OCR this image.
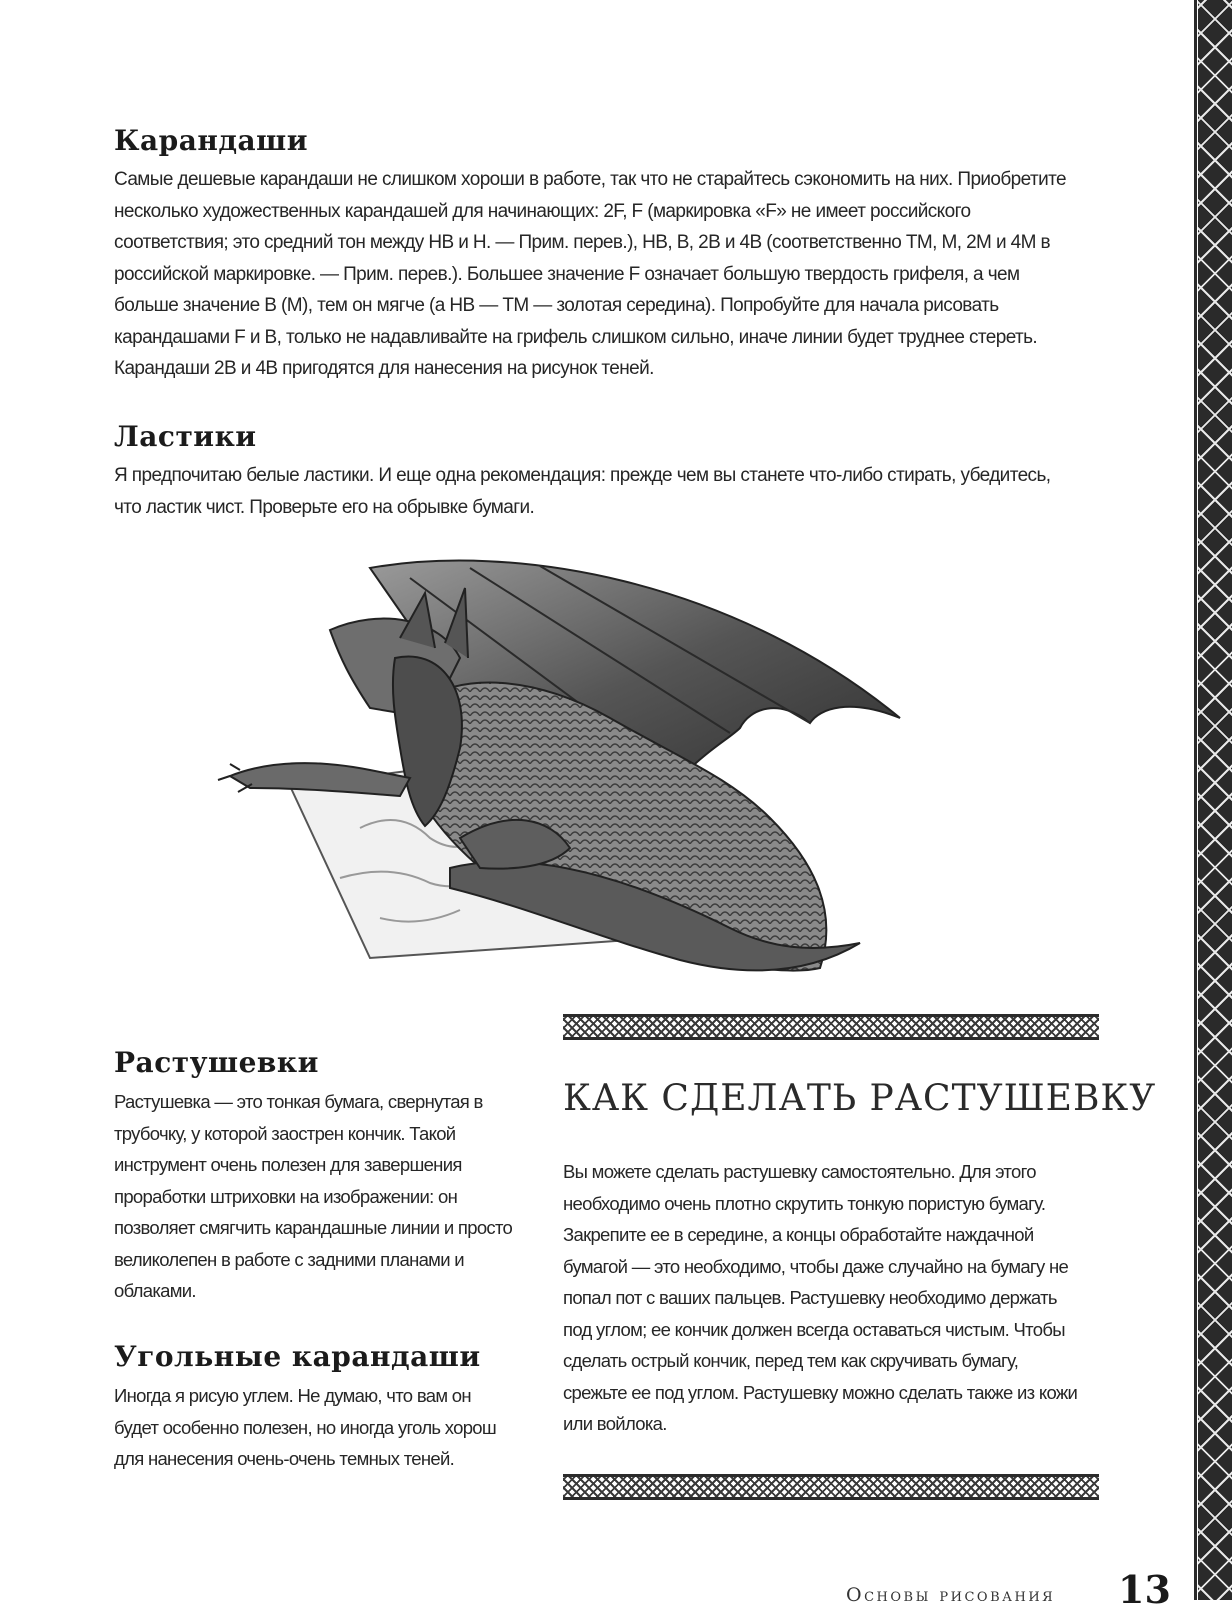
Карандаши

Самые дешевые карандаши не слишком хороши в работе, так что не старайтесь сэкономить на них. Приобретите несколько художественных карандашей для начинающих: 2F, F (маркировка «F» не имеет российского соответствия; это средний тон между HB и H. — Прим. перев.), HB, B, 2B и 4B (соответственно ТМ, М, 2М и 4М в российской маркировке. — Прим. перев.). Большее значение F означает большую твердость грифеля, а чем больше значение B (M), тем он мягче (а HB — ТМ — золотая середина). Попробуйте для начала рисовать карандашами F и B, только не надавливайте на грифель слишком сильно, иначе линии будет труднее стереть. Карандаши 2B и 4B пригодятся для нанесения на рисунок теней.

Ластики

Я предпочитаю белые ластики. И еще одна рекомендация: прежде чем вы станете что-либо стирать, убедитесь, что ластик чист. Проверьте его на обрывке бумаги.

КАК СДЕЛАТЬ РАСТУШЕВКУ

Вы можете сделать растушевку самостоятельно. Для этого необходимо очень плотно скрутить тонкую пористую бумагу. Закрепите ее в середине, а концы обработайте наждачной бумагой — это необходимо, чтобы даже случайно на бумагу не попал пот с ваших пальцев. Растушевку необходимо держать под углом; ее кончик должен всегда оставаться чистым. Чтобы сделать острый кончик, перед тем как скручивать бумагу, срежьте ее под углом. Растушевку можно сделать также из кожи или войлока.

Растушевки

Растушевка — это тонкая бумага, свернутая в трубочку, у которой заострен кончик. Такой инструмент очень полезен для завершения проработки штриховки на изображении: он позволяет смягчить карандашные линии и просто великолепен в работе с задними планами и облаками.

Угольные карандаши

Иногда я рисую углем. Не думаю, что вам он будет особенно полезен, но иногда уголь хорош для нанесения очень-очень темных теней.

Основы рисования 13
